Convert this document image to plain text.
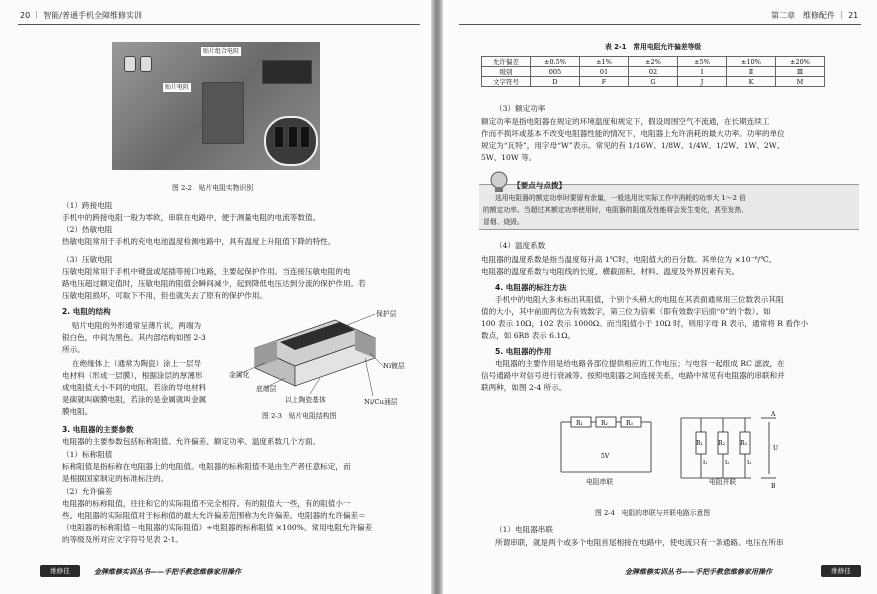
20 ｜ 智能/普通手机全障维修实训
贴片组合电阻
贴片电阻
图 2-2　贴片电阻实物识别
（1）跨接电阻
手机中的跨接电阻一般为零欧，串联在电路中，便于测量电阻的电流等数值。
（2）热敏电阻
热敏电阻常用于手机的充电电池温度检测电路中，具有温度上升阻值下降的特性。
（3）压敏电阻
压敏电阻常用于手机中键盘或尾插等接口电路，主要起保护作用。当连接压敏电阻的电
路电压超过额定值时，压敏电阻的阻值会瞬间减少，起到降低电压达到分流的保护作用。若
压敏电阻损坏，可取下不用，但也就失去了原有的保护作用。
2. 电阻的结构
贴片电阻的外形通常呈薄片状，两端为
银白色，中间为黑色。其内部结构如图 2-3
所示。
在绝缘体上（通常为陶瓷）涂上一层导
电材料（形成一层膜），根据涂层的厚薄形
成电阻值大小不同的电阻。若涂的导电材料
是碳就叫碳膜电阻，若涂的是金属就叫金属
膜电阻。
保护层
金属化
底端层
Ni镀层
以上陶瓷基体	Ni/Cu涌层
图 2-3　贴片电阻结构图
3. 电阻器的主要参数
电阻器的主要参数包括标称阻值、允许偏差、额定功率、温度系数几个方面。
（1）标称阻值
标称阻值是指标称在电阻器上的电阻值。电阻器的标称阻值不是由生产者任意标定，而
是根据国家制定的标准标注的。
（2）允许偏差
电阻器的标称阻值，往往和它的实际阻值不完全相符。有的阻值大一些，有的阻值小一
些。电阻器的实际阻值对于标称值的最大允许偏差范围称为允许偏差。电阻器的允许偏差＝
（电阻器的标称阻值－电阻器的实际阻值）÷电阻器的标称阻值 ×100%。常用电阻允许偏差
的等级及所对应文字符号见表 2-1。
维修佳	金牌维修实训丛书——手把手教您维修家用操作
第二章　维修配件 ｜ 21
表 2-1　常用电阻允许偏差等级
允许偏差	±0.5%	±1%	±2%	±5%	±10%	±20%
级别	005	01	02	Ⅰ	Ⅱ	Ⅲ
文字符号	D	F	G	J	K	M
（3）额定功率
额定功率是指电阻器在规定的环境温度和规定下，假设周围空气不流通，在长期连续工
作而不损坏或基本不改变电阻器性能的情况下，电阻器上允许消耗的最大功率。功率的单位
规定为“瓦特”，用字母“W”表示。常见的有 1/16W、1/8W、1/4W、1/2W、1W、2W、
5W、10W 等。
【要点与点拨】
选用电阻器的额定功率时要留有余量，一般选用比实际工作中消耗的功率大 1～2 倍
的额定功率。当超过其额定功率使用时，电阻器的阻值及性能将会发生变化，甚至发热、
冒烟、烧毁。
（4）温度系数
电阻器的温度系数是指当温度每升高 1℃时，电阻值大的百分数。其单位为 ×10⁻⁶/℃。
电阻器的温度系数与电阻线的长度、横截面积、材料、温度及外界因素有关。
4. 电阻器的标注方法
手机中的电阻大多未标出其阻值，个别个头稍大的电阻在其表面通常用三位数表示其阻
值的大小，其中前面两位为有效数字，第三位为倍乘（即有效数字后面“0”的个数）。如
100 表示 10Ω，102 表示 1000Ω。而当阻值小于 10Ω 时，则用字母 R 表示，通常将 R 看作小
数点，如 6R8 表示 6.1Ω。
5. 电阻器的作用
电阻器的主要作用是给电路各部位提供相应的工作电压；与电容一起组成 RC 滤波，在
信号通路中对信号进行衰减等。按照电阻器之间连接关系，电路中常见有电阻器的串联和并
联两种，如图 2-4 所示。
R₁	R₂	R₃
R₁	R₂	R₃
I₁	I₂	I₃
5V
A
B
U
电阻串联	电阻并联
图 2-4　电阻的串联与并联电路示意图
（1）电阻器串联
所谓串联，就是两个或多个电阻首尾相接在电路中，使电流只有一条通路。电压在所串
金牌维修实训丛书——手把手教您维修家用操作	维修佳
